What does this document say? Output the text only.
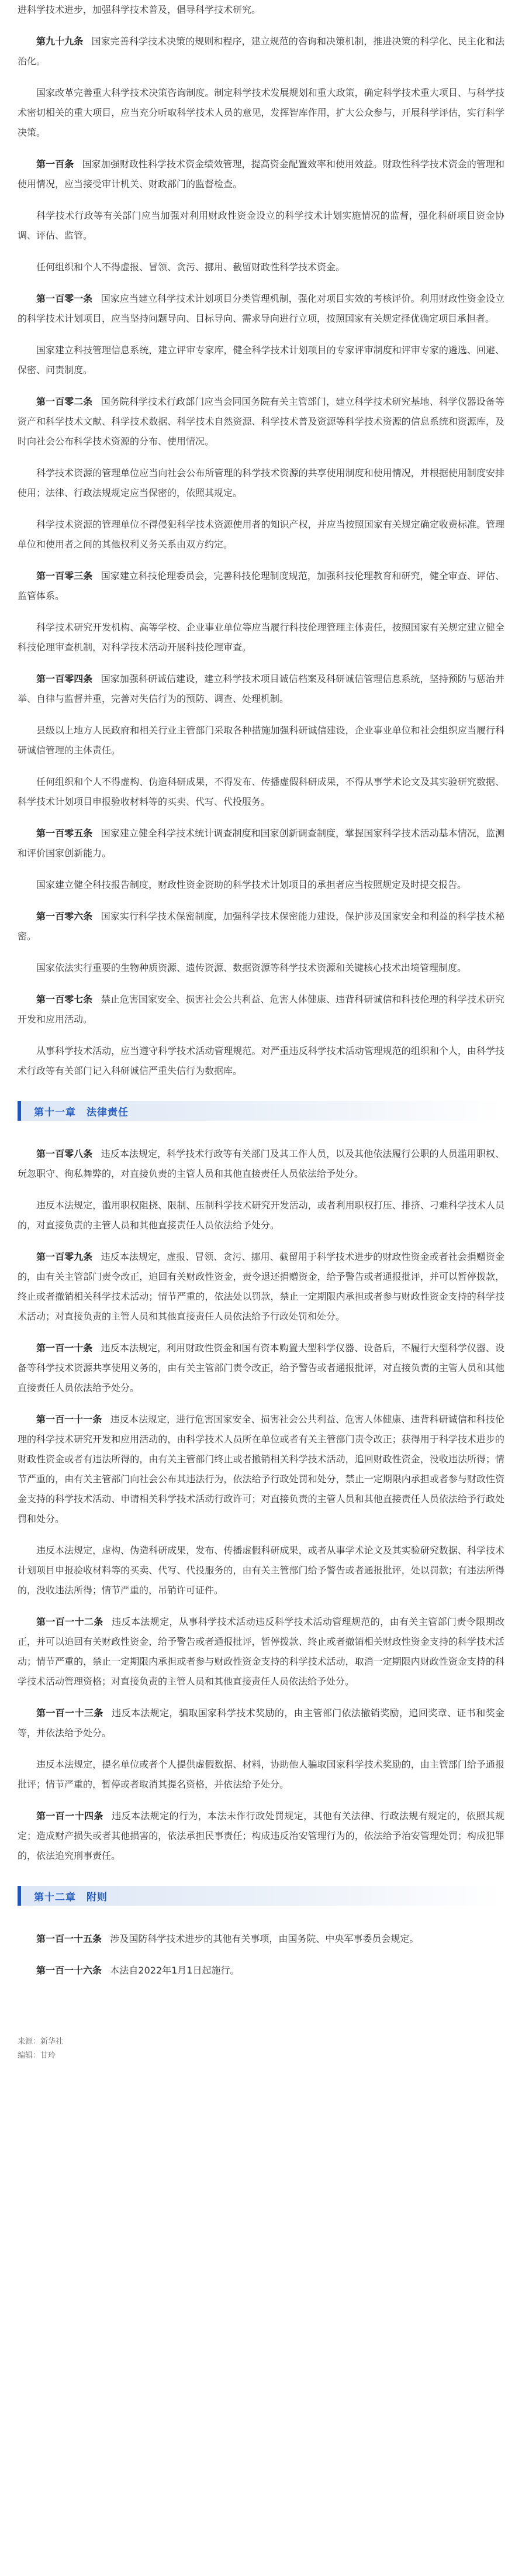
进科学技术进步，加强科学技术普及，倡导科学技术研究。

第九十九条 国家完善科学技术决策的规则和程序，建立规范的咨询和决策机制，推进决策的科学化、民主化和法治化。

国家改革完善重大科学技术决策咨询制度。制定科学技术发展规划和重大政策，确定科学技术重大项目、与科学技术密切相关的重大项目，应当充分听取科学技术人员的意见，发挥智库作用，扩大公众参与，开展科学评估，实行科学决策。

第一百条 国家加强财政性科学技术资金绩效管理，提高资金配置效率和使用效益。财政性科学技术资金的管理和使用情况，应当接受审计机关、财政部门的监督检查。

科学技术行政等有关部门应当加强对利用财政性资金设立的科学技术计划实施情况的监督，强化科研项目资金协调、评估、监管。

任何组织和个人不得虚报、冒领、贪污、挪用、截留财政性科学技术资金。

第一百零一条 国家应当建立科学技术计划项目分类管理机制，强化对项目实效的考核评价。利用财政性资金设立的科学技术计划项目，应当坚持问题导向、目标导向、需求导向进行立项，按照国家有关规定择优确定项目承担者。

国家建立科技管理信息系统，建立评审专家库，健全科学技术计划项目的专家评审制度和评审专家的遴选、回避、保密、问责制度。

第一百零二条 国务院科学技术行政部门应当会同国务院有关主管部门，建立科学技术研究基地、科学仪器设备等资产和科学技术文献、科学技术数据、科学技术自然资源、科学技术普及资源等科学技术资源的信息系统和资源库，及时向社会公布科学技术资源的分布、使用情况。

科学技术资源的管理单位应当向社会公布所管理的科学技术资源的共享使用制度和使用情况，并根据使用制度安排使用；法律、行政法规规定应当保密的，依照其规定。

科学技术资源的管理单位不得侵犯科学技术资源使用者的知识产权，并应当按照国家有关规定确定收费标准。管理单位和使用者之间的其他权利义务关系由双方约定。

第一百零三条 国家建立科技伦理委员会，完善科技伦理制度规范，加强科技伦理教育和研究，健全审查、评估、监管体系。

科学技术研究开发机构、高等学校、企业事业单位等应当履行科技伦理管理主体责任，按照国家有关规定建立健全科技伦理审查机制，对科学技术活动开展科技伦理审查。

第一百零四条 国家加强科研诚信建设，建立科学技术项目诚信档案及科研诚信管理信息系统，坚持预防与惩治并举、自律与监督并重，完善对失信行为的预防、调查、处理机制。

县级以上地方人民政府和相关行业主管部门采取各种措施加强科研诚信建设，企业事业单位和社会组织应当履行科研诚信管理的主体责任。

任何组织和个人不得虚构、伪造科研成果，不得发布、传播虚假科研成果，不得从事学术论文及其实验研究数据、科学技术计划项目申报验收材料等的买卖、代写、代投服务。

第一百零五条 国家建立健全科学技术统计调查制度和国家创新调查制度，掌握国家科学技术活动基本情况，监测和评价国家创新能力。

国家建立健全科技报告制度，财政性资金资助的科学技术计划项目的承担者应当按照规定及时提交报告。

第一百零六条 国家实行科学技术保密制度，加强科学技术保密能力建设，保护涉及国家安全和利益的科学技术秘密。

国家依法实行重要的生物种质资源、遗传资源、数据资源等科学技术资源和关键核心技术出境管理制度。

第一百零七条 禁止危害国家安全、损害社会公共利益、危害人体健康、违背科研诚信和科技伦理的科学技术研究开发和应用活动。

从事科学技术活动，应当遵守科学技术活动管理规范。对严重违反科学技术活动管理规范的组织和个人，由科学技术行政等有关部门记入科研诚信严重失信行为数据库。

第十一章　法律责任

第一百零八条 违反本法规定，科学技术行政等有关部门及其工作人员，以及其他依法履行公职的人员滥用职权、玩忽职守、徇私舞弊的，对直接负责的主管人员和其他直接责任人员依法给予处分。

违反本法规定，滥用职权阻挠、限制、压制科学技术研究开发活动，或者利用职权打压、排挤、刁难科学技术人员的，对直接负责的主管人员和其他直接责任人员依法给予处分。

第一百零九条 违反本法规定，虚报、冒领、贪污、挪用、截留用于科学技术进步的财政性资金或者社会捐赠资金的，由有关主管部门责令改正，追回有关财政性资金，责令退还捐赠资金，给予警告或者通报批评，并可以暂停拨款，终止或者撤销相关科学技术活动；情节严重的，依法处以罚款，禁止一定期限内承担或者参与财政性资金支持的科学技术活动；对直接负责的主管人员和其他直接责任人员依法给予行政处罚和处分。

第一百一十条 违反本法规定，利用财政性资金和国有资本购置大型科学仪器、设备后，不履行大型科学仪器、设备等科学技术资源共享使用义务的，由有关主管部门责令改正，给予警告或者通报批评，对直接负责的主管人员和其他直接责任人员依法给予处分。

第一百一十一条 违反本法规定，进行危害国家安全、损害社会公共利益、危害人体健康、违背科研诚信和科技伦理的科学技术研究开发和应用活动的，由科学技术人员所在单位或者有关主管部门责令改正；获得用于科学技术进步的财政性资金或者有违法所得的，由有关主管部门终止或者撤销相关科学技术活动，追回财政性资金，没收违法所得；情节严重的，由有关主管部门向社会公布其违法行为，依法给予行政处罚和处分，禁止一定期限内承担或者参与财政性资金支持的科学技术活动、申请相关科学技术活动行政许可；对直接负责的主管人员和其他直接责任人员依法给予行政处罚和处分。

违反本法规定，虚构、伪造科研成果，发布、传播虚假科研成果，或者从事学术论文及其实验研究数据、科学技术计划项目申报验收材料等的买卖、代写、代投服务的，由有关主管部门给予警告或者通报批评，处以罚款；有违法所得的，没收违法所得；情节严重的，吊销许可证件。

第一百一十二条 违反本法规定，从事科学技术活动违反科学技术活动管理规范的，由有关主管部门责令限期改正，并可以追回有关财政性资金，给予警告或者通报批评，暂停拨款、终止或者撤销相关财政性资金支持的科学技术活动；情节严重的，禁止一定期限内承担或者参与财政性资金支持的科学技术活动，取消一定期限内财政性资金支持的科学技术活动管理资格；对直接负责的主管人员和其他直接责任人员依法给予处分。

第一百一十三条 违反本法规定，骗取国家科学技术奖励的，由主管部门依法撤销奖励，追回奖章、证书和奖金等，并依法给予处分。

违反本法规定，提名单位或者个人提供虚假数据、材料，协助他人骗取国家科学技术奖励的，由主管部门给予通报批评；情节严重的，暂停或者取消其提名资格，并依法给予处分。

第一百一十四条 违反本法规定的行为，本法未作行政处罚规定，其他有关法律、行政法规有规定的，依照其规定；造成财产损失或者其他损害的，依法承担民事责任；构成违反治安管理行为的，依法给予治安管理处罚；构成犯罪的，依法追究刑事责任。

第十二章　附则

第一百一十五条 涉及国防科学技术进步的其他有关事项，由国务院、中央军事委员会规定。

第一百一十六条 本法自2022年1月1日起施行。

来源：新华社
编辑：甘玲
